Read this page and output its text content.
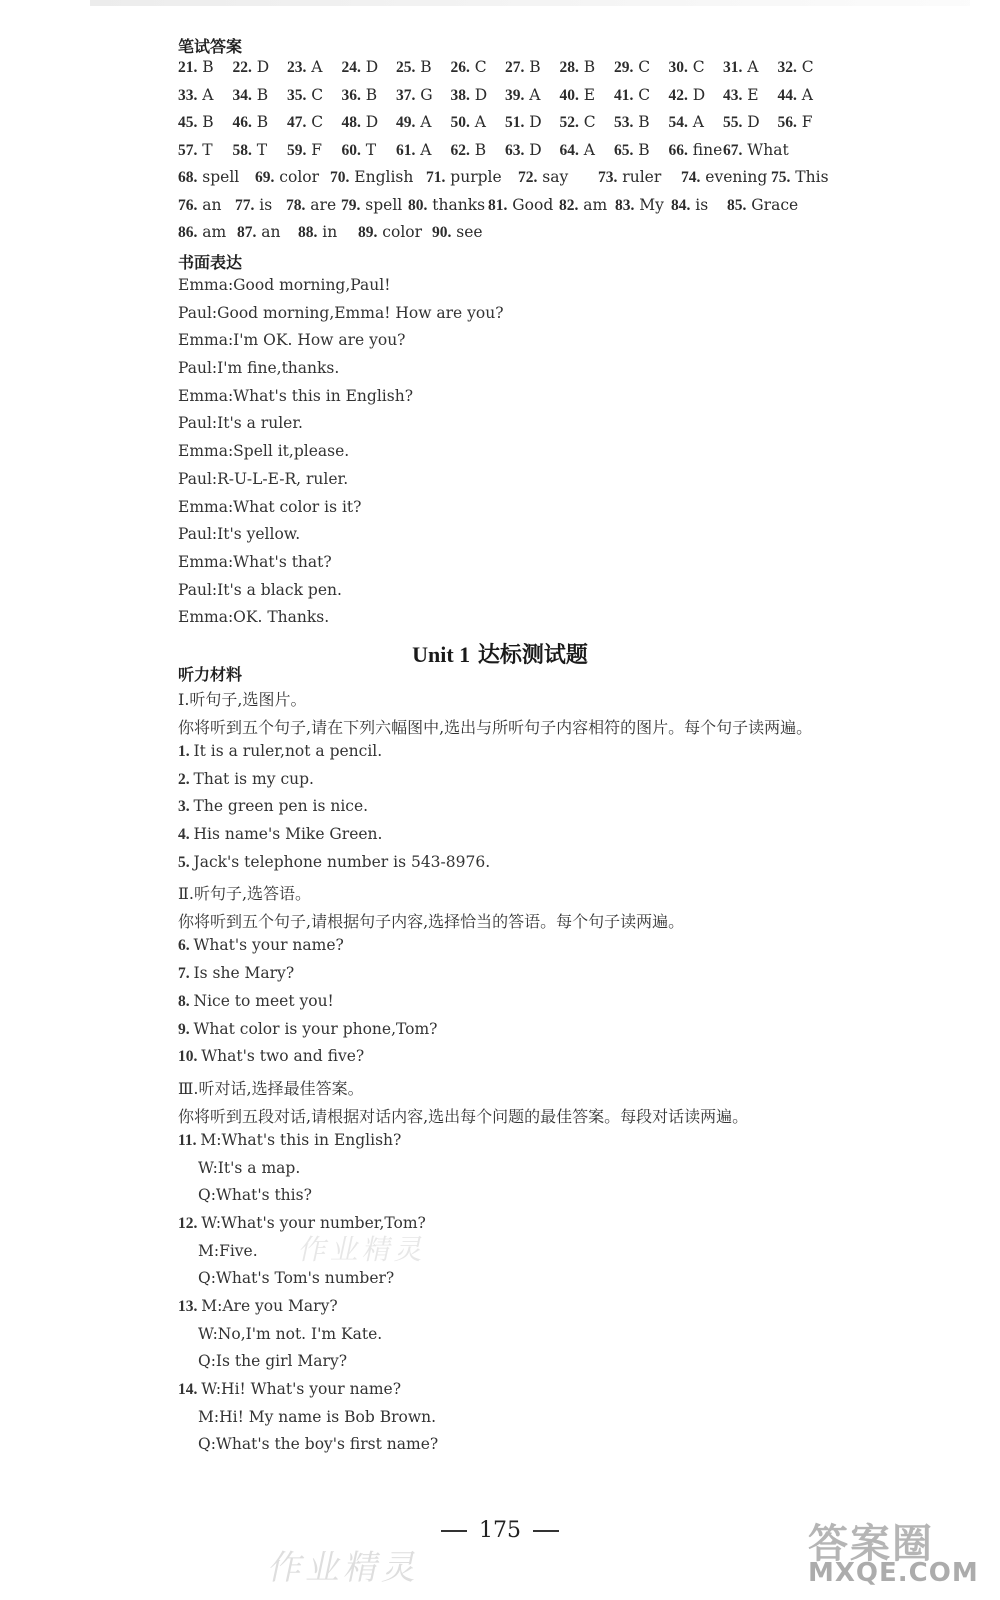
笔试答案
21. B 22. D 23. A 24. D 25. B 26. C 27. B 28. B 29. C 30. C 31. A 32. C
33. A 34. B 35. C 36. B 37. G 38. D 39. A 40. E 41. C 42. D 43. E 44. A
45. B 46. B 47. C 48. D 49. A 50. A 51. D 52. C 53. B 54. A 55. D 56. F
57. T 58. T 59. F 60. T 61. A 62. B 63. D 64. A 65. B 66. fine 67. What
68. spell 69. color 70. English 71. purple 72. say 73. ruler 74. evening 75. This
76. an 77. is 78. are 79. spell 80. thanks 81. Good 82. am 83. My 84. is 85. Grace
86. am 87. an 88. in 89. color 90. see
书面表达
Emma:Good morning,Paul!
Paul:Good morning,Emma! How are you?
Emma:I'm OK. How are you?
Paul:I'm fine,thanks.
Emma:What's this in English?
Paul:It's a ruler.
Emma:Spell it,please.
Paul:R-U-L-E-R, ruler.
Emma:What color is it?
Paul:It's yellow.
Emma:What's that?
Paul:It's a black pen.
Emma:OK. Thanks.
Unit 1 达标测试题
听力材料
Ⅰ.听句子,选图片。
你将听到五个句子,请在下列六幅图中,选出与所听句子内容相符的图片。每个句子读两遍。
1. It is a ruler,not a pencil.
2. That is my cup.
3. The green pen is nice.
4. His name's Mike Green.
5. Jack's telephone number is 543-8976.
Ⅱ.听句子,选答语。
你将听到五个句子,请根据句子内容,选择恰当的答语。每个句子读两遍。
6. What's your name?
7. Is she Mary?
8. Nice to meet you!
9. What color is your phone,Tom?
10. What's two and five?
Ⅲ.听对话,选择最佳答案。
你将听到五段对话,请根据对话内容,选出每个问题的最佳答案。每段对话读两遍。
11. M:What's this in English?
W:It's a map.
Q:What's this?
12. W:What's your number,Tom?
M:Five.
Q:What's Tom's number?
13. M:Are you Mary?
W:No,I'm not. I'm Kate.
Q:Is the girl Mary?
14. W:Hi! What's your name?
M:Hi! My name is Bob Brown.
Q:What's the boy's first name?
作业精灵
175
作业精灵
答案圈
MXQE.COM
